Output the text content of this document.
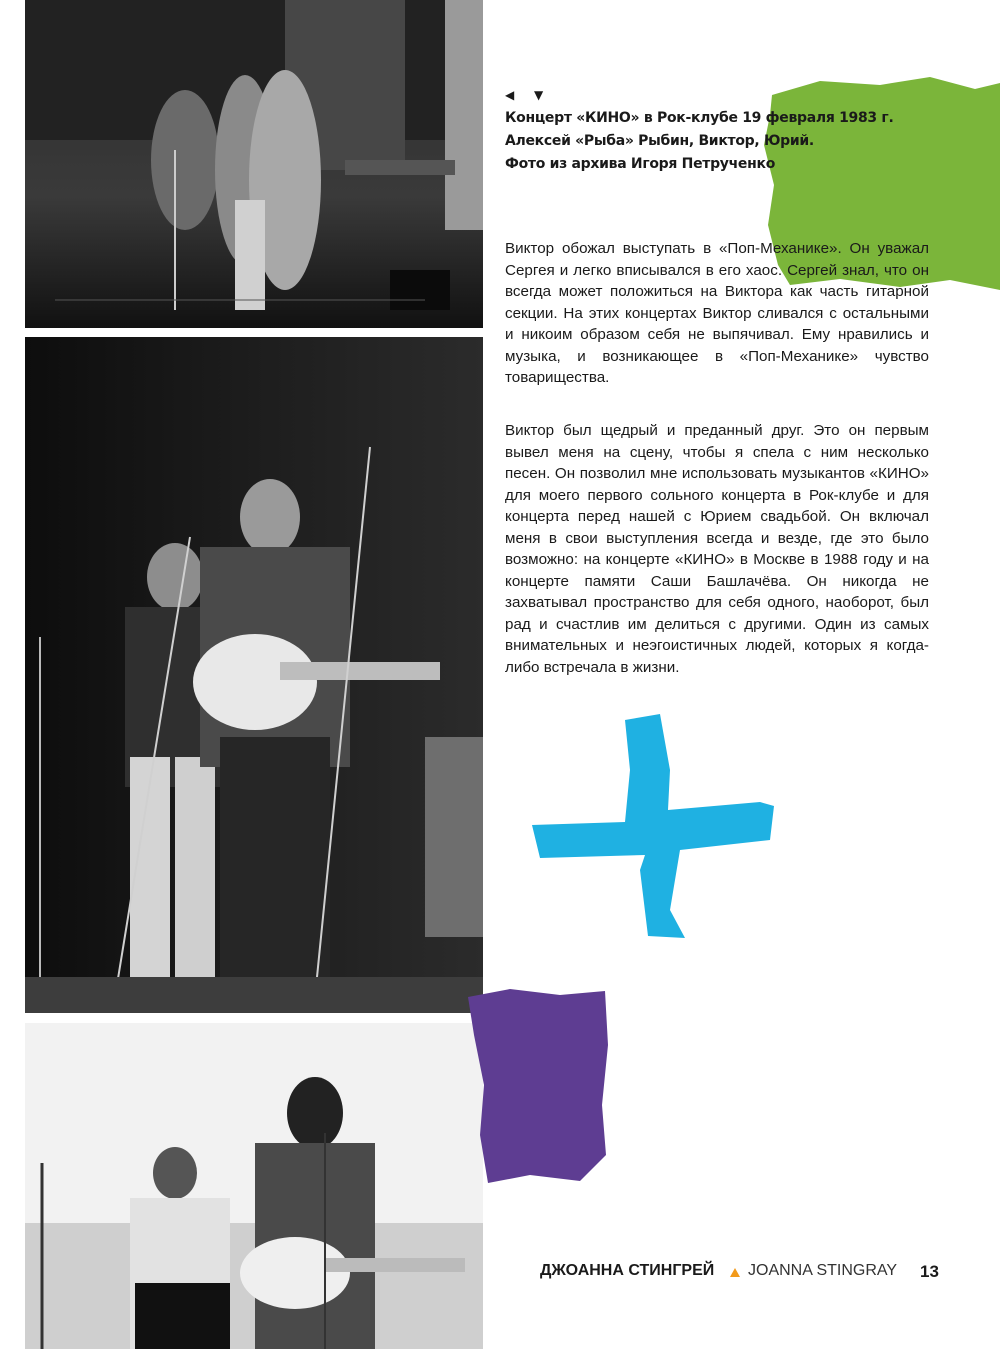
◀ ▼
Концерт «КИНО» в Рок-клубе 19 февраля 1983 г.
Алексей «Рыба» Рыбин, Виктор, Юрий.
Фото из архива Игоря Петрученко

Виктор обожал выступать в «Поп-Механике». Он уважал Сергея и легко вписывался в его хаос. Сергей знал, что он всегда может положиться на Виктора как часть гитарной секции. На этих концертах Виктор сливался с остальными и никоим образом себя не выпячивал. Ему нравились и музыка, и возникающее в «Поп-Механике» чувство товарищества.

Виктор был щедрый и преданный друг. Это он первым вывел меня на сцену, чтобы я спела с ним несколько песен. Он позволил мне использовать музыкантов «КИНО» для моего первого сольного концерта в Рок-клубе и для концерта перед нашей с Юрием свадьбой. Он включал меня в свои выступления всегда и везде, где это было возможно: на концерте «КИНО» в Москве в 1988 году и на концерте памяти Саши Башлачёва. Он никогда не захватывал пространство для себя одного, наоборот, был рад и счастлив им делиться с другими. Один из самых внимательных и неэгоистичных людей, которых я когда-либо встречала в жизни.

ДЖОАННА СТИНГРЕЙ JOANNA STINGRAY 13
